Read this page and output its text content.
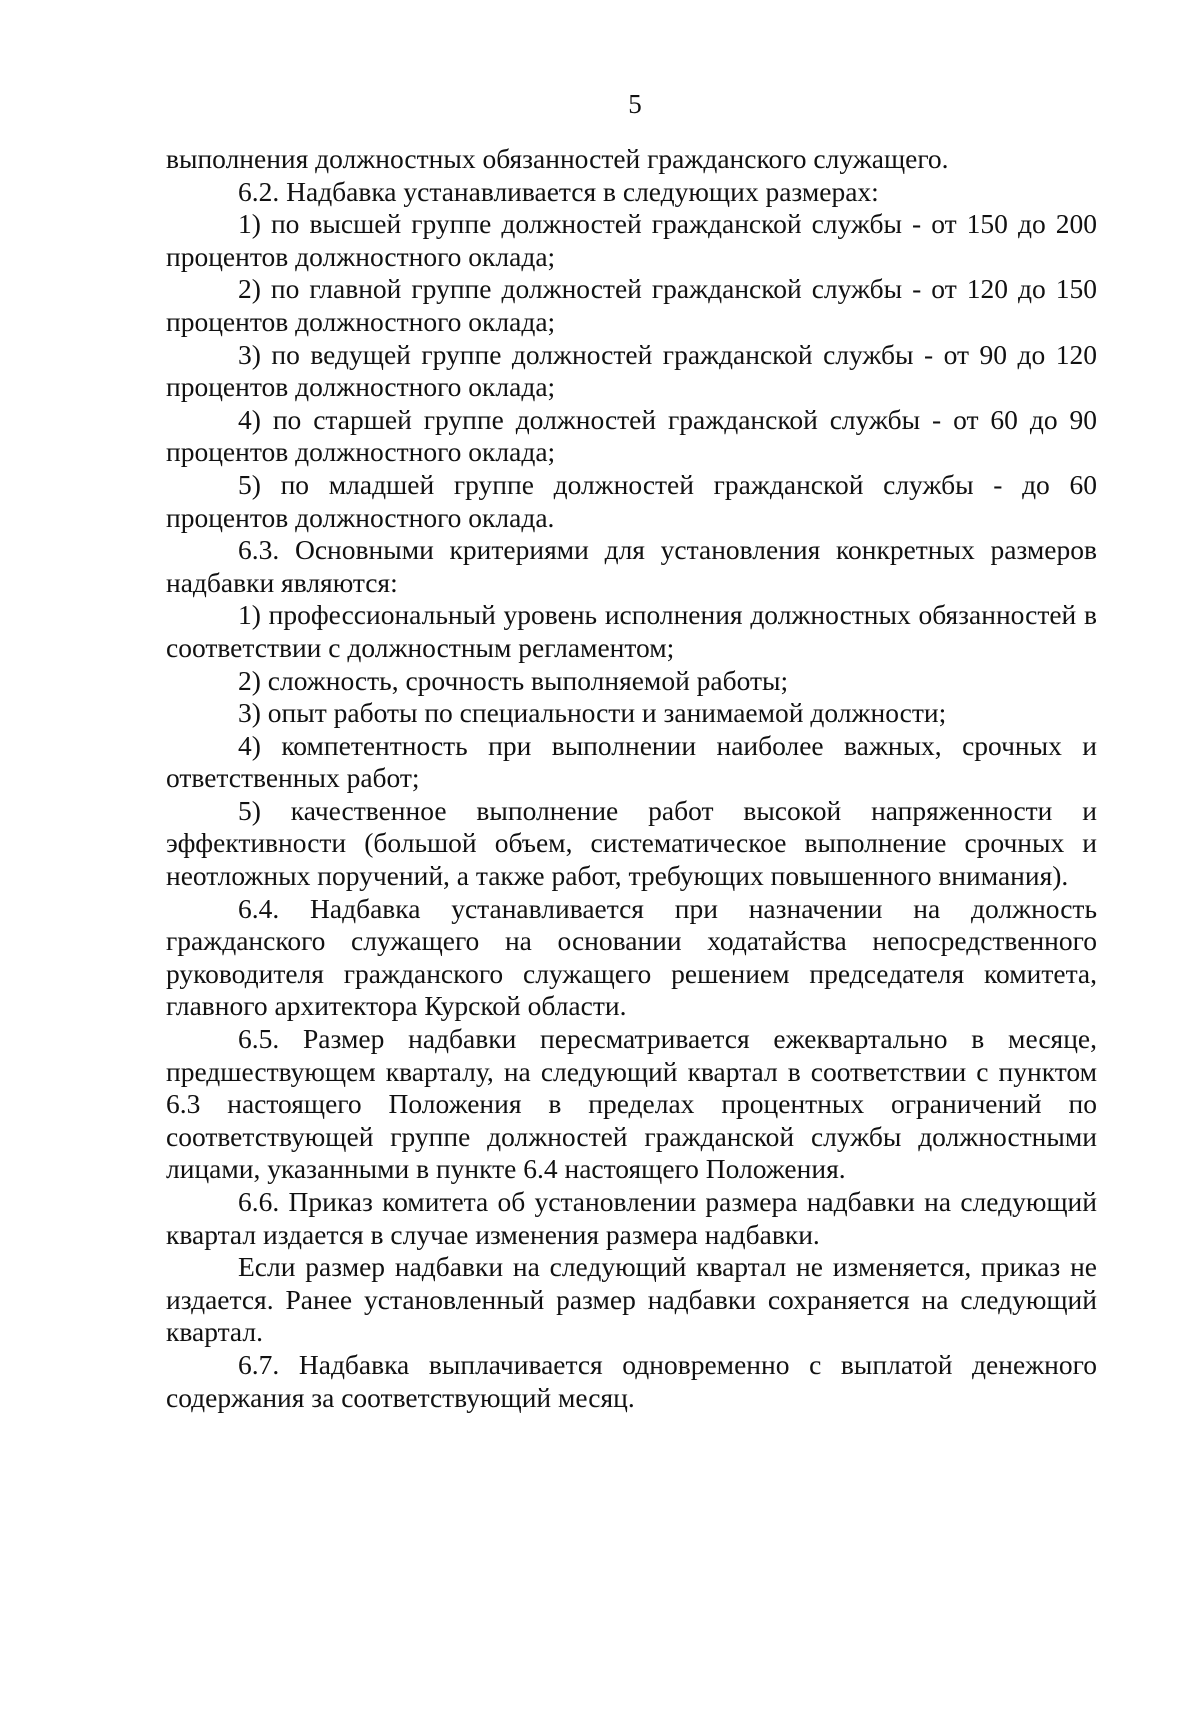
5

выполнения должностных обязанностей гражданского служащего.

6.2. Надбавка устанавливается в следующих размерах:

1) по высшей группе должностей гражданской службы - от 150 до 200 процентов должностного оклада;

2) по главной группе должностей гражданской службы - от 120 до 150 процентов должностного оклада;

3) по ведущей группе должностей гражданской службы - от 90 до 120 процентов должностного оклада;

4) по старшей группе должностей гражданской службы - от 60 до 90 процентов должностного оклада;

5) по младшей группе должностей гражданской службы - до 60 процентов должностного оклада.

6.3. Основными критериями для установления конкретных размеров надбавки являются:

1) профессиональный уровень исполнения должностных обязанностей в соответствии с должностным регламентом;

2) сложность, срочность выполняемой работы;

3) опыт работы по специальности и занимаемой должности;

4) компетентность при выполнении наиболее важных, срочных и ответственных работ;

5) качественное выполнение работ высокой напряженности и эффективности (большой объем, систематическое выполнение срочных и неотложных поручений, а также работ, требующих повышенного внимания).

6.4. Надбавка устанавливается при назначении на должность гражданского служащего на основании ходатайства непосредственного руководителя гражданского служащего решением председателя комитета, главного архитектора Курской области.

6.5. Размер надбавки пересматривается ежеквартально в месяце, предшествующем кварталу, на следующий квартал в соответствии с пунктом 6.3 настоящего Положения в пределах процентных ограничений по соответствующей группе должностей гражданской службы должностными лицами, указанными в пункте 6.4 настоящего Положения.

6.6. Приказ комитета об установлении размера надбавки на следующий квартал издается в случае изменения размера надбавки.

Если размер надбавки на следующий квартал не изменяется, приказ не издается. Ранее установленный размер надбавки сохраняется на следующий квартал.

6.7. Надбавка выплачивается одновременно с выплатой денежного содержания за соответствующий месяц.
